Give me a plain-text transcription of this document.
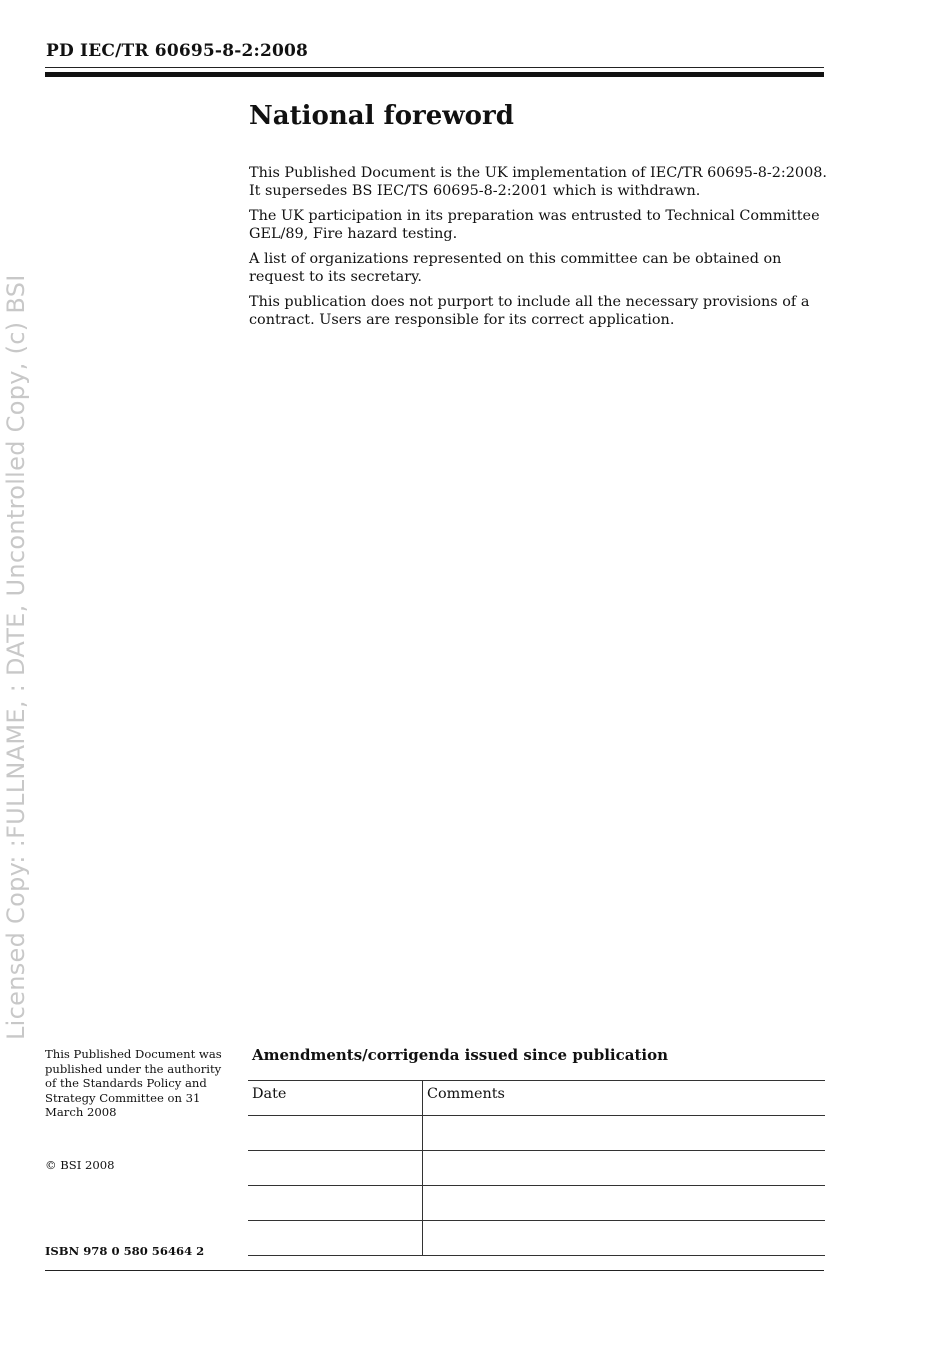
PD IEC/TR 60695-8-2:2008
Licensed Copy: :FULLNAME, : DATE, Uncontrolled Copy, (c) BSI
National foreword

This Published Document is the UK implementation of IEC/TR 60695-8-2:2008. It supersedes BS IEC/TS 60695-8-2:2001 which is withdrawn.

The UK participation in its preparation was entrusted to Technical Committee GEL/89, Fire hazard testing.

A list of organizations represented on this committee can be obtained on request to its secretary.

This publication does not purport to include all the necessary provisions of a contract. Users are responsible for its correct application.

This Published Document was published under the authority of the Standards Policy and Strategy Committee on 31 March 2008
© BSI 2008
ISBN 978 0 580 56464 2
Amendments/corrigenda issued since publication
Date	Comments
